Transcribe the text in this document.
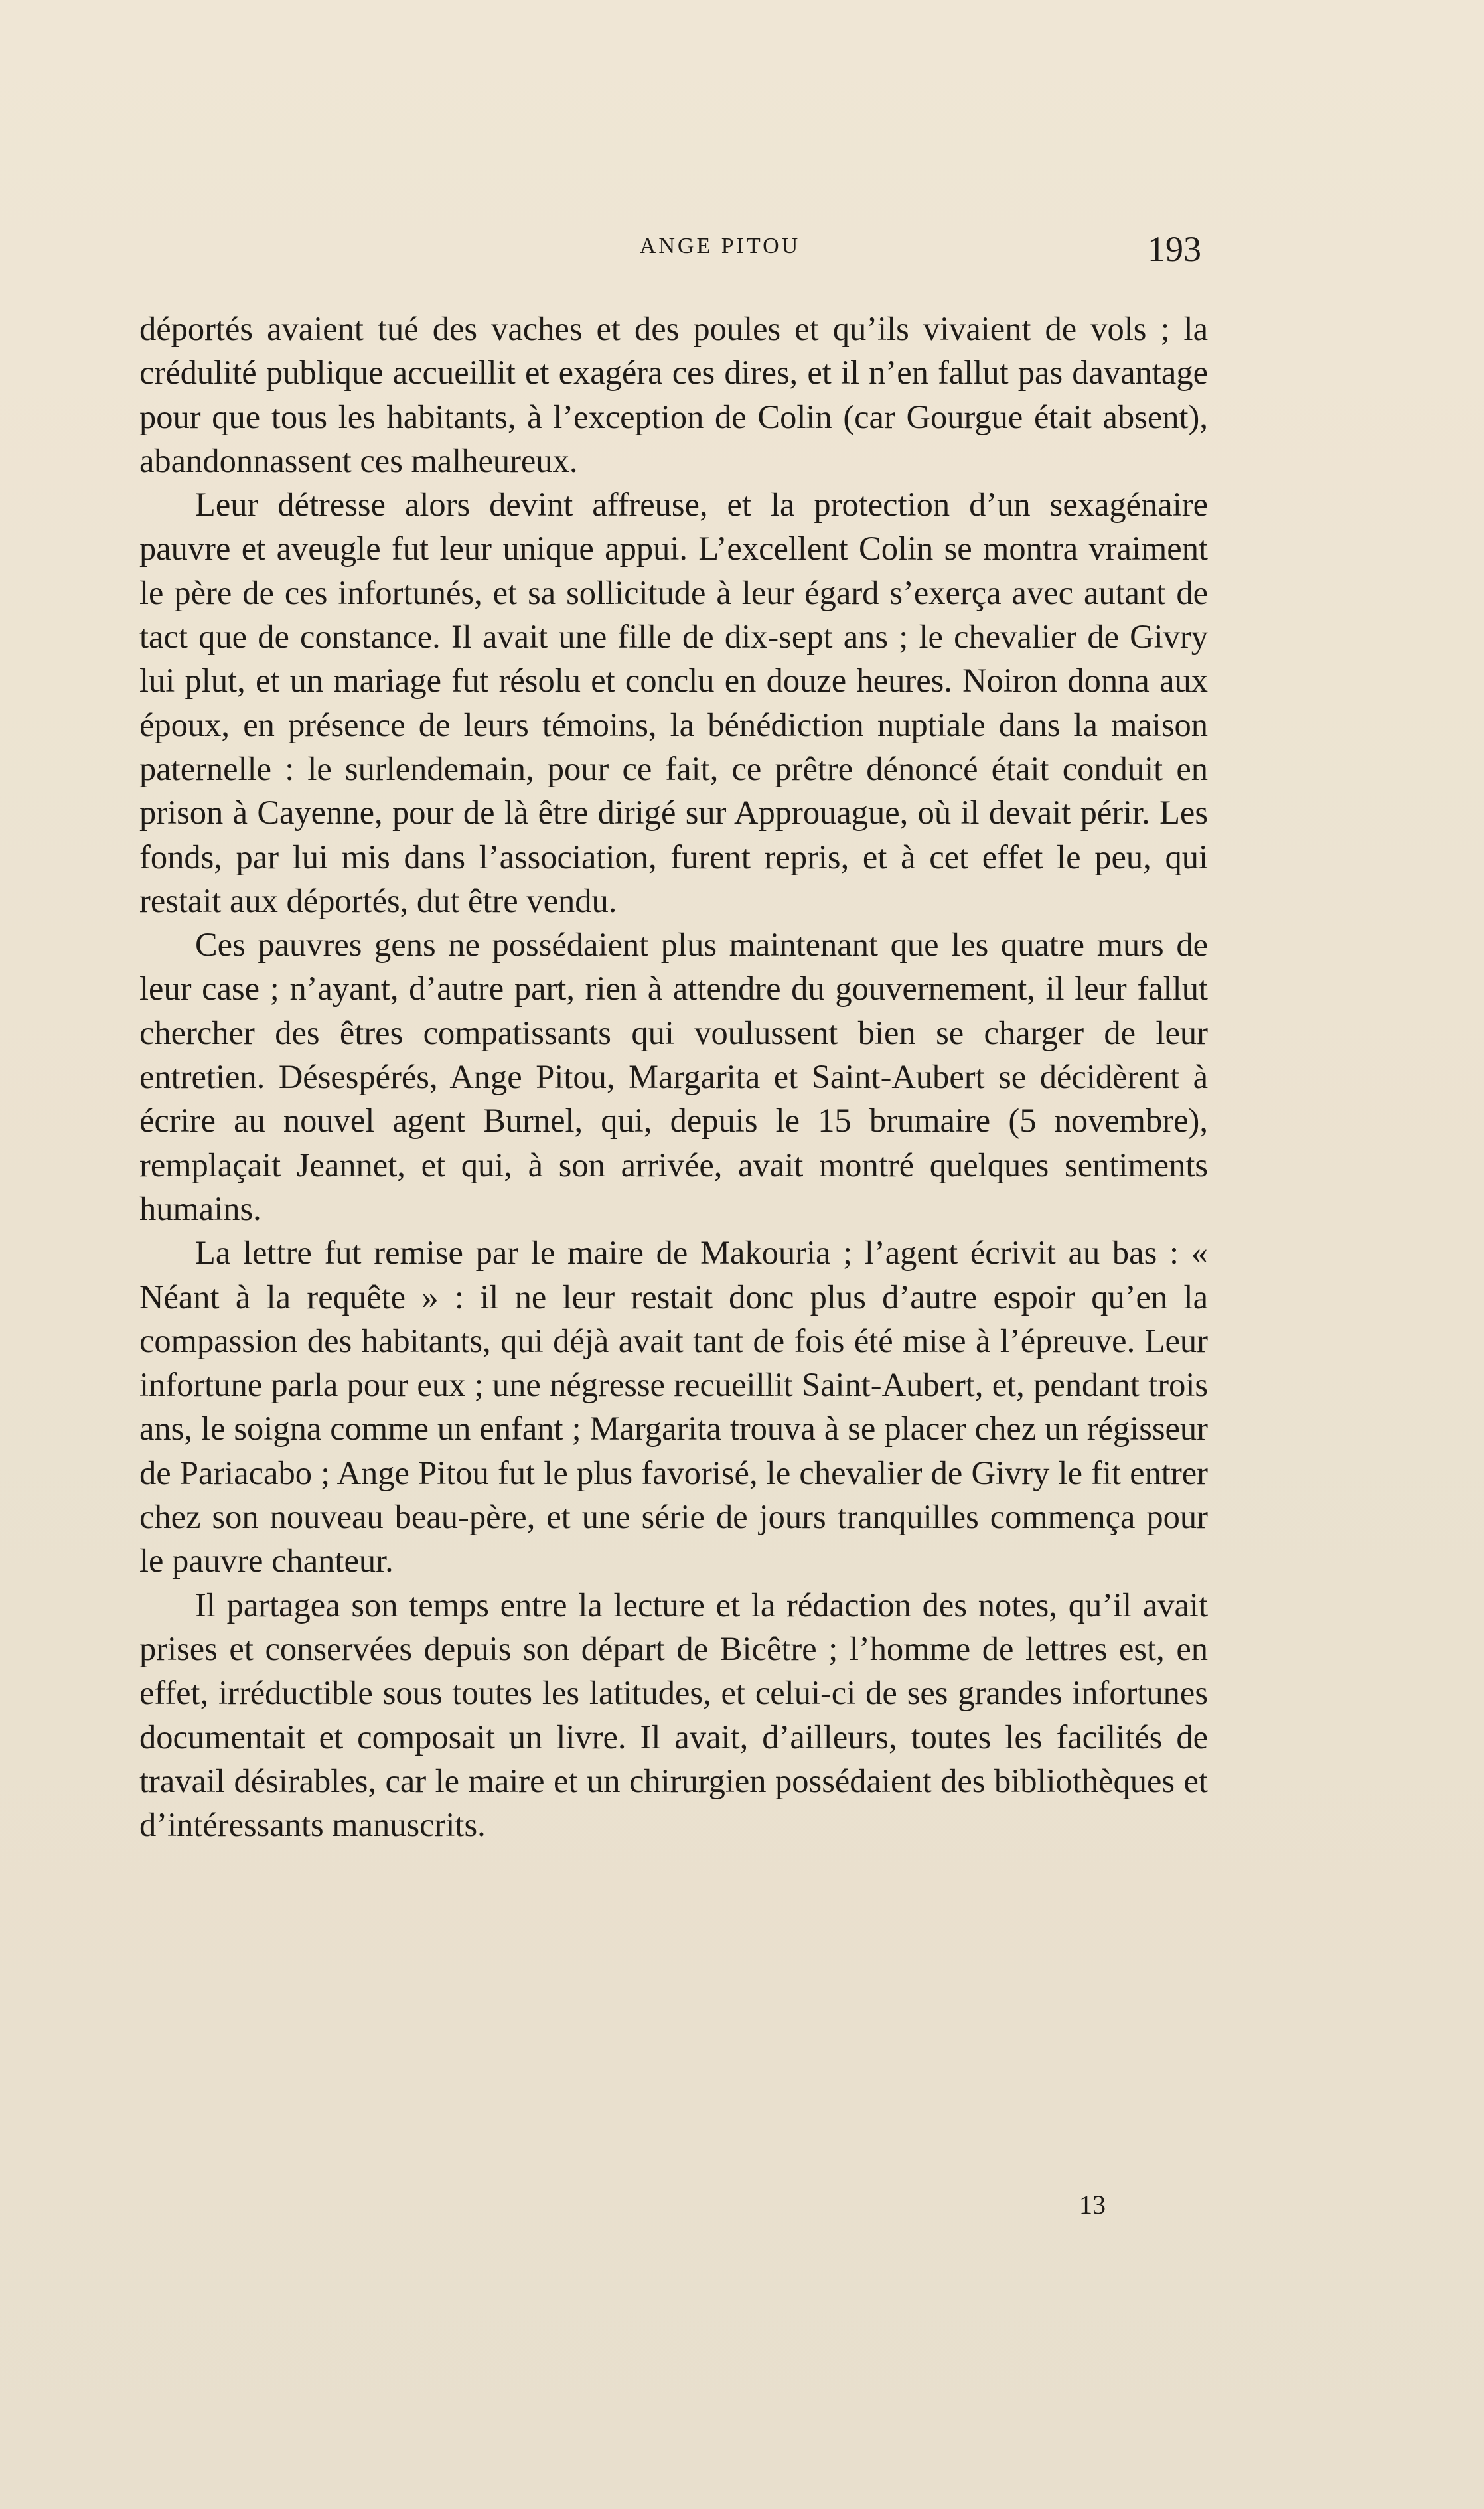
ANGE PITOU	193

déportés avaient tué des vaches et des poules et qu’ils vivaient de vols ; la crédulité publique accueillit et exagéra ces dires, et il n’en fallut pas davantage pour que tous les habitants, à l’exception de Colin (car Gourgue était absent), abandonnassent ces malheureux.

Leur détresse alors devint affreuse, et la protection d’un sexagénaire pauvre et aveugle fut leur unique appui. L’excellent Colin se montra vraiment le père de ces infortunés, et sa sollicitude à leur égard s’exerça avec autant de tact que de constance. Il avait une fille de dix-sept ans ; le chevalier de Givry lui plut, et un mariage fut résolu et conclu en douze heures. Noiron donna aux époux, en présence de leurs témoins, la bénédiction nuptiale dans la maison paternelle : le surlendemain, pour ce fait, ce prêtre dénoncé était conduit en prison à Cayenne, pour de là être dirigé sur Approuague, où il devait périr. Les fonds, par lui mis dans l’association, furent repris, et à cet effet le peu, qui restait aux déportés, dut être vendu.

Ces pauvres gens ne possédaient plus maintenant que les quatre murs de leur case ; n’ayant, d’autre part, rien à attendre du gouvernement, il leur fallut chercher des êtres compatissants qui voulussent bien se charger de leur entretien. Désespérés, Ange Pitou, Margarita et Saint-Aubert se décidèrent à écrire au nouvel agent Burnel, qui, depuis le 15 brumaire (5 novembre), remplaçait Jeannet, et qui, à son arrivée, avait montré quelques sentiments humains.

La lettre fut remise par le maire de Makouria ; l’agent écrivit au bas : « Néant à la requête » : il ne leur restait donc plus d’autre espoir qu’en la compassion des habitants, qui déjà avait tant de fois été mise à l’épreuve. Leur infortune parla pour eux ; une négresse recueillit Saint-Aubert, et, pendant trois ans, le soigna comme un enfant ; Margarita trouva à se placer chez un régisseur de Pariacabo ; Ange Pitou fut le plus favorisé, le chevalier de Givry le fit entrer chez son nouveau beau-père, et une série de jours tranquilles commença pour le pauvre chanteur.

Il partagea son temps entre la lecture et la rédaction des notes, qu’il avait prises et conservées depuis son départ de Bicêtre ; l’homme de lettres est, en effet, irréductible sous toutes les latitudes, et celui-ci de ses grandes infortunes documentait et composait un livre. Il avait, d’ailleurs, toutes les facilités de travail désirables, car le maire et un chirurgien possédaient des bibliothèques et d’intéressants manuscrits.

13
